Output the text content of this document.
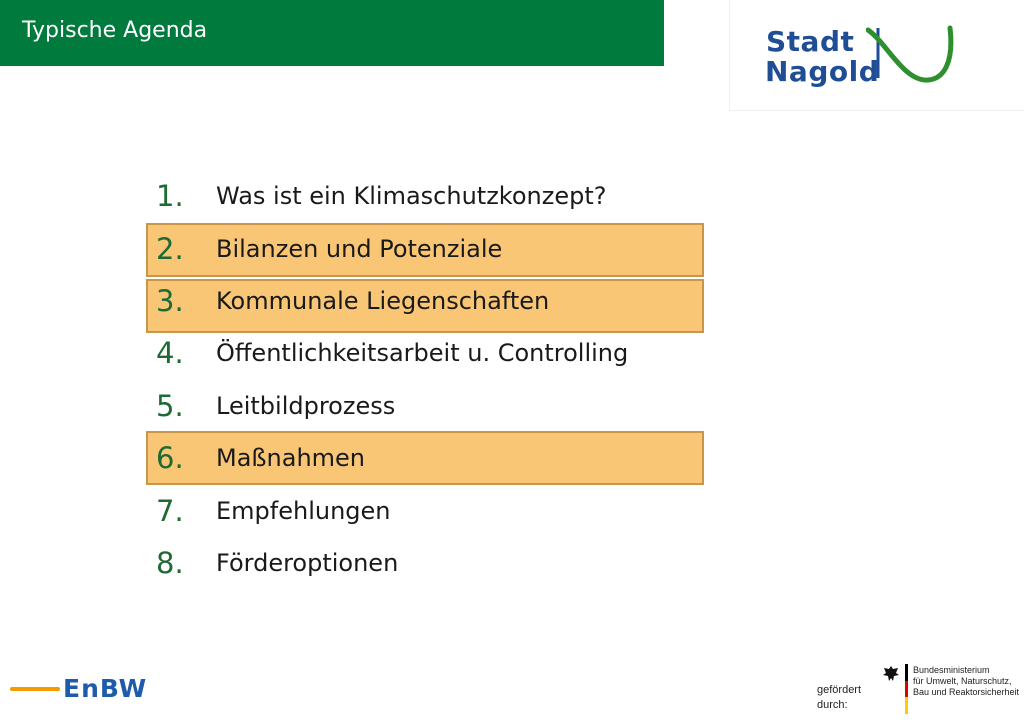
Typische Agenda	Stadt
Nagold
1.	Was ist ein Klimaschutzkonzept?
2.	Bilanzen und Potenziale
3.	Kommunale Liegenschaften
4.	Öffentlichkeitsarbeit u. Controlling
5.	Leitbildprozess
6.	Maßnahmen
7.	Empfehlungen
8.	Förderoptionen
EnBW	gefördert
durch:
Bundesministerium
für Umwelt, Naturschutz,
Bau und Reaktorsicherheit
